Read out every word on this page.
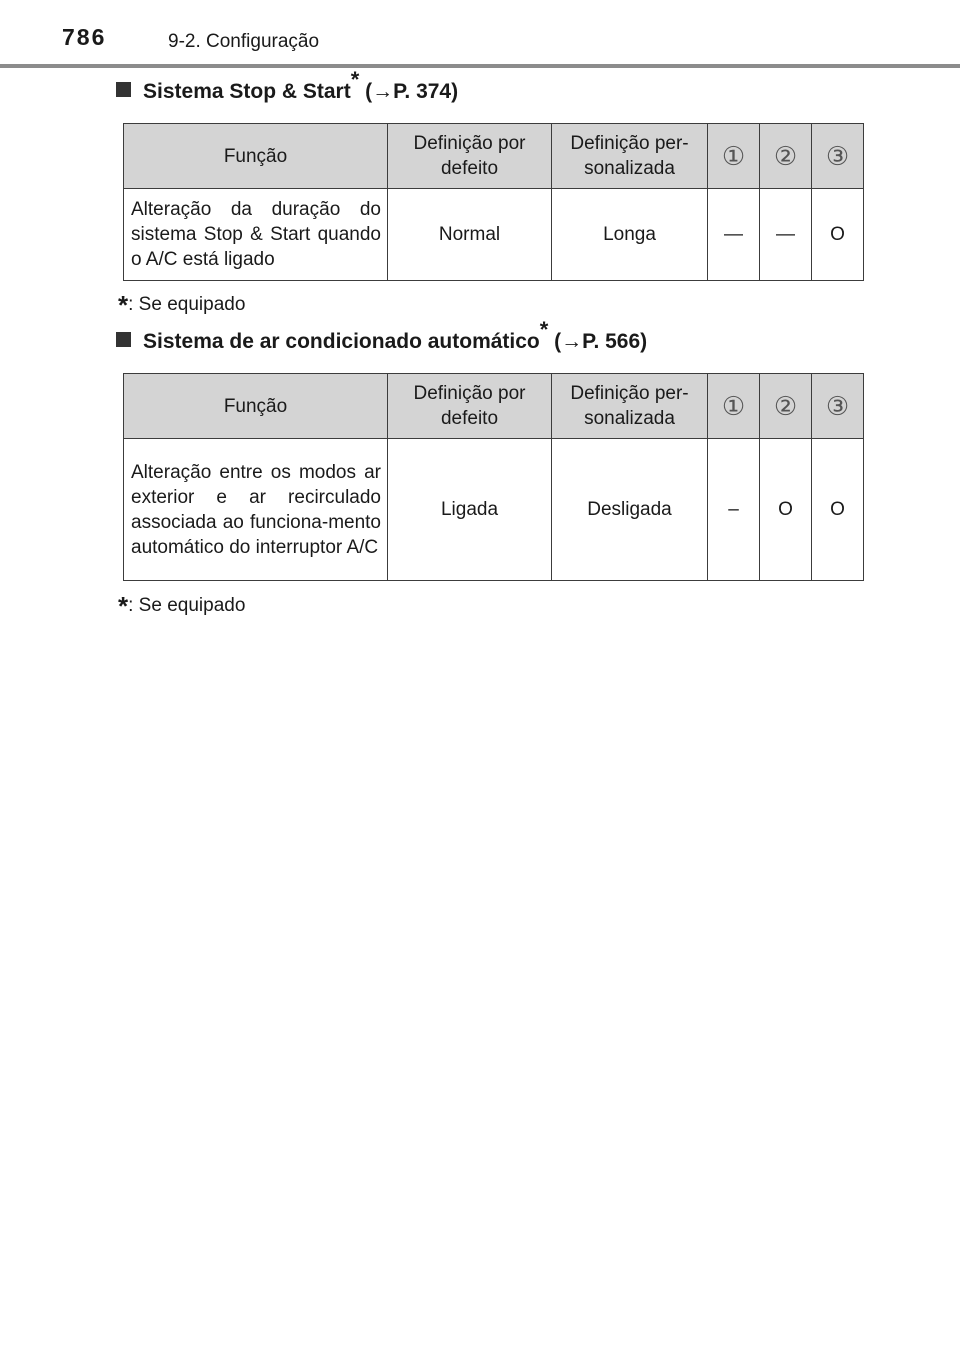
786	9-2. Configuração
Sistema Stop & Start* (→P. 374)
Função	Definição por defeito	Definição per-sonalizada	①	②	③
Alteração da duração do sistema Stop & Start quando o A/C está ligado	Normal	Longa	—	—	O
*: Se equipado
Sistema de ar condicionado automático* (→P. 566)
Função	Definição por defeito	Definição per-sonalizada	①	②	③
Alteração entre os modos ar exterior e ar recirculado associada ao funciona-mento automático do interruptor A/C	Ligada	Desligada	–	O	O
*: Se equipado
